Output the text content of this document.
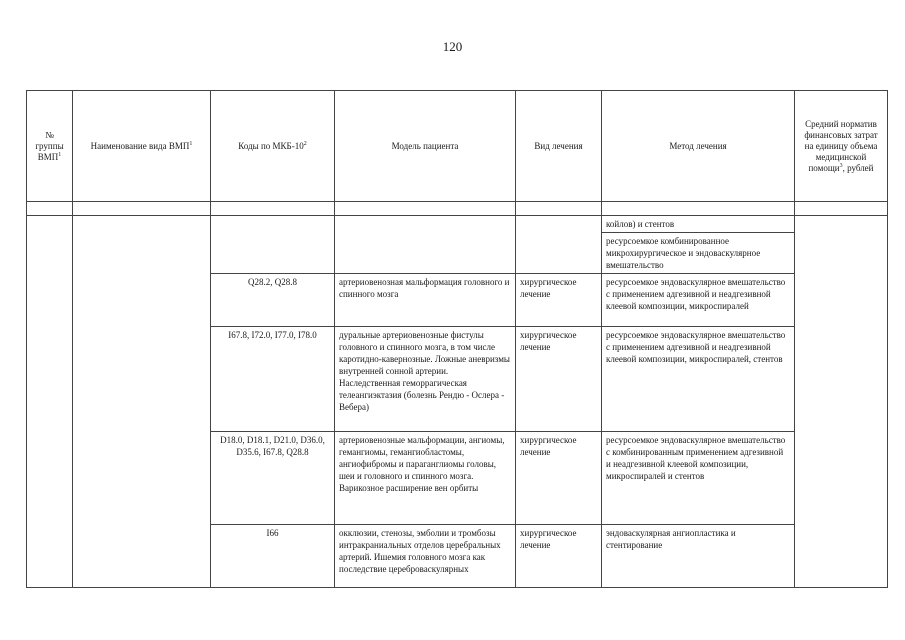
120
№ группы ВМП$^1$	Наименование вида ВМП$^1$	Коды по МКБ-$10^2$	Модель пациента	Вид лечения	Метод лечения	Средний норматив финансовых затрат на единицу объема медицинской помощи$^3$, рублей

					койлов) и стентов	
					ресурсоемкое комбинированное микрохирургическое и эндоваскулярное вмешательство	
		Q28.2, Q28.8	артериовенозная мальформация головного и спинного мозга	хирургическое лечение	ресурсоемкое эндоваскулярное вмешательство с применением адгезивной и неадгезивной клеевой композиции, микроспиралей	
		I67.8, I72.0, I77.0, I78.0	дуральные артериовенозные фистулы головного и спинного мозга, в том числе каротидно-кавернозные. Ложные аневризмы внутренней сонной артерии. Наследственная геморрагическая телеангиэктазия (болезнь Рендю - Ослера - Вебера)	хирургическое лечение	ресурсоемкое эндоваскулярное вмешательство с применением адгезивной и неадгезивной клеевой композиции, микроспиралей, стентов	
		D18.0, D18.1, D21.0, D36.0, D35.6, I67.8, Q28.8	артериовенозные мальформации, ангиомы, гемангиомы, гемангиобластомы, ангиофибромы и параганглиомы головы, шеи и головного и спинного мозга. Варикозное расширение вен орбиты	хирургическое лечение	ресурсоемкое эндоваскулярное вмешательство с комбинированным применением адгезивной и неадгезивной клеевой композиции, микроспиралей и стентов	
		I66	окклюзии, стенозы, эмболии и тромбозы интракраниальных отделов церебральных артерий. Ишемия головного мозга как последствие цереброваскулярных	хирургическое лечение	эндоваскулярная ангиопластика и стентирование	
